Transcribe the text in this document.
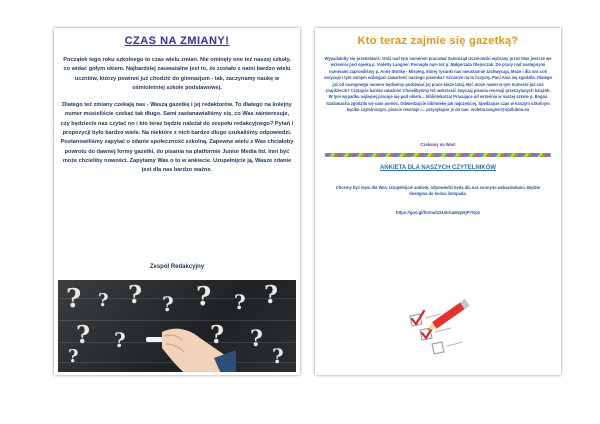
CZAS NA ZMIANY!

Początek tego roku szkolnego to czas wielu zmian. Nie ominęły one też naszej szkoły, co widać gołym okiem. Najbardziej zauważalne jest to, że zostało z nami bardzo wielu uczniów, którzy powinni już chodzić do gimnazjum - tak, zaczynamy naukę w ośmioletniej szkole podstawowej.

Dlatego też zmiany czekają nas - Waszą gazetkę i jej redaktorów. To dlatego na kolejny numer musieliście czekać tak długo. Sami zastanawialiśmy się, co Was zainteresuje, czy będziecie nas czytać no i kto teraz będzie należał do zespołu redakcyjnego? Pytań i propozycji było bardzo wiele. Na niektóre z nich bardzo długo szukaliśmy odpowiedzi. Postanowiliśmy zapytać o zdanie społeczność szkolną. Zapewne wielu z Was chciałoby powrotu do dawnej formy gazetki, do pisania na platformie Junior Media ltd. Inni być może chcieliby nowości. Zapytamy Was o to w ankiecie. Uzupełnijcie ją, Wasze zdanie jest dla nas bardzo ważne.

Zespół Redakcyjny
? ? ? ? ? ? ?
? ?	? ?
?	?
Kto teraz zajmie się gazetką?
Wypadałoby się przedstawić. Otóż nad tym numerem pracował Samorząd Uczniowski wybrany przez Was jeszcze we wrześniu pod opieką p. Violetty Langner. Pomogła nam też p. Małgorzata Olejniczak. Do pracy nad następnymi numerami zaprosiliśmy p. Annę Słonkę - Misołeg, której rysunki nas nieustannie zachwycają. Może i dla nas coś narysuje i tym samym wzbogaci zawartość naszego pisemka? Szczerze na to liczymy. Pani Ania się zgodziła. Dlatego już od następnego numeru będziemy podziwiać jej prace także tutaj. Być może nawet w tym numerze już coś znajdziecie? Czytajcie bardzo uważnie! Chcielibyśmy też wskrzesić zwyczaj pisania recenzji przeczytanych książek. W tym wypadku najlepiej pracuje się pod okiem... bibliotekarza! Pracująca od września w naszej szkole p. Bogna Szałamacha zgodziła się nam pomóc. Odwiedzajcie bibliotekę jak najczęściej. Spędzajcie czas w naszym szkolnym kąciku czytelniczym, piszcie recenzje i... przysyłajcie je do nas: violetta.langner@sp2lubon.eu
Czekamy na Was!
ANKIETA DLA NASZYCH CZYTELNIKÓW
Chcemy być lepsi dla Was. Uzupełnijcie ankietę, odpowiedzi będą dla nas cennymi wskazówkami. Będzie dostępna do końca listopada.
https://goo.gl/forms/U2UmGuMzpHjPYKp1
